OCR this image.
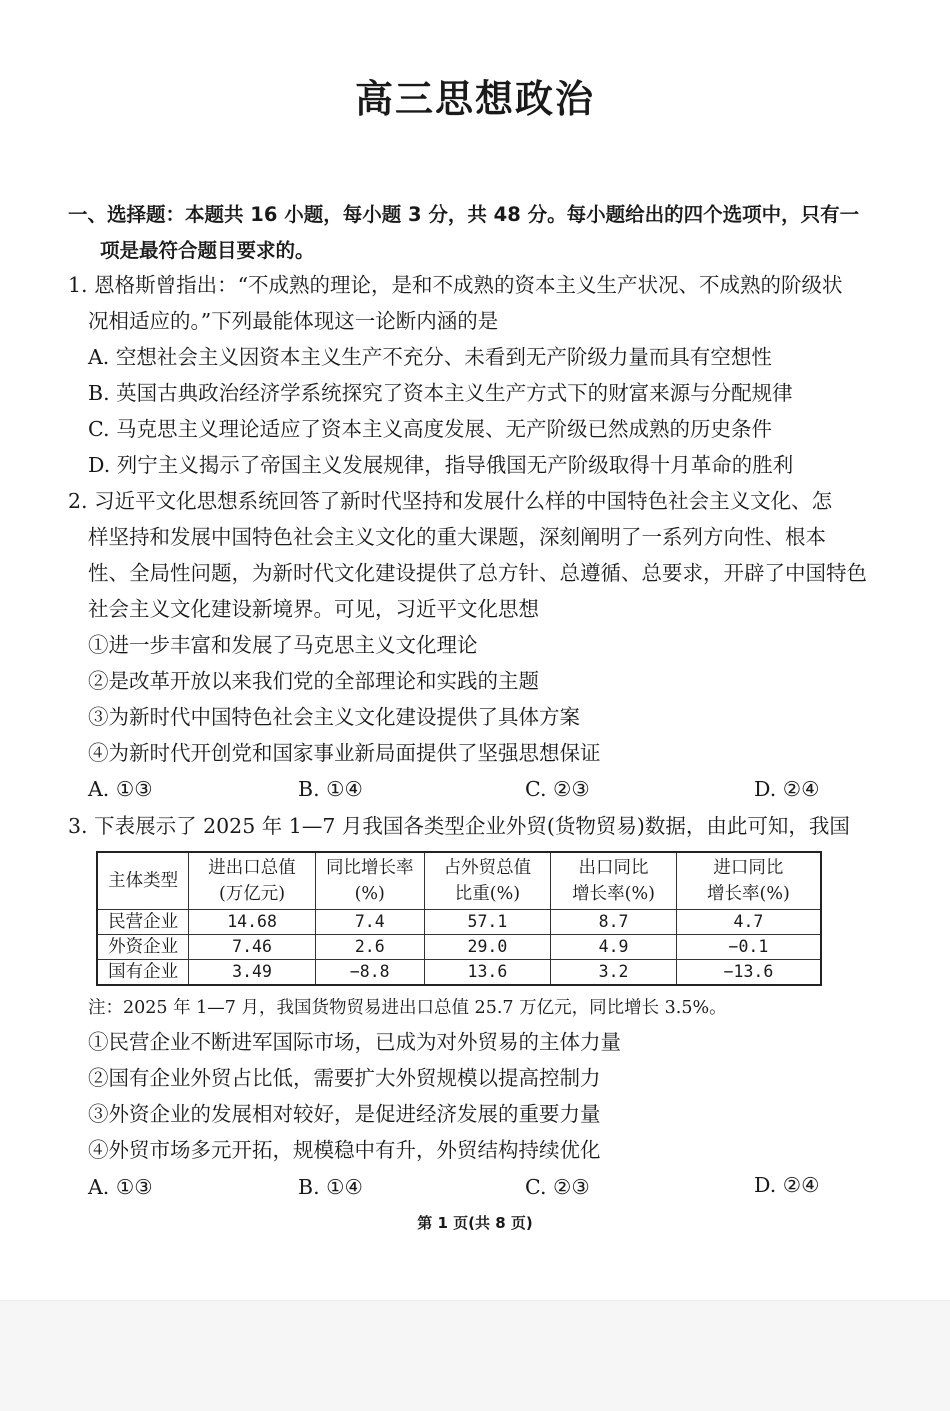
高三思想政治
一、选择题：本题共 16 小题，每小题 3 分，共 48 分。每小题给出的四个选项中，只有一
项是最符合题目要求的。
1. 恩格斯曾指出：“不成熟的理论，是和不成熟的资本主义生产状况、不成熟的阶级状
况相适应的。”下列最能体现这一论断内涵的是
A. 空想社会主义因资本主义生产不充分、未看到无产阶级力量而具有空想性
B. 英国古典政治经济学系统探究了资本主义生产方式下的财富来源与分配规律
C. 马克思主义理论适应了资本主义高度发展、无产阶级已然成熟的历史条件
D. 列宁主义揭示了帝国主义发展规律，指导俄国无产阶级取得十月革命的胜利
2. 习近平文化思想系统回答了新时代坚持和发展什么样的中国特色社会主义文化、怎
样坚持和发展中国特色社会主义文化的重大课题，深刻阐明了一系列方向性、根本
性、全局性问题，为新时代文化建设提供了总方针、总遵循、总要求，开辟了中国特色
社会主义文化建设新境界。可见，习近平文化思想
①进一步丰富和发展了马克思主义文化理论
②是改革开放以来我们党的全部理论和实践的主题
③为新时代中国特色社会主义文化建设提供了具体方案
④为新时代开创党和国家事业新局面提供了坚强思想保证
A. ①③	B. ①④	C. ②③	D. ②④
3. 下表展示了 2025 年 1—7 月我国各类型企业外贸(货物贸易)数据，由此可知，我国
主体类型	进出口总值
(万亿元)	同比增长率
(%)	占外贸总值
比重(%)	出口同比
增长率(%)	进口同比
增长率(%)
民营企业	14.68	7.4	57.1	8.7	4.7
外资企业	7.46	2.6	29.0	4.9	−0.1
国有企业	3.49	−8.8	13.6	3.2	−13.6
注：2025 年 1—7 月，我国货物贸易进出口总值 25.7 万亿元，同比增长 3.5%。
①民营企业不断进军国际市场，已成为对外贸易的主体力量
②国有企业外贸占比低，需要扩大外贸规模以提高控制力
③外资企业的发展相对较好，是促进经济发展的重要力量
④外贸市场多元开拓，规模稳中有升，外贸结构持续优化
A. ①③	B. ①④	C. ②③	D. ②④
第 1 页(共 8 页)
